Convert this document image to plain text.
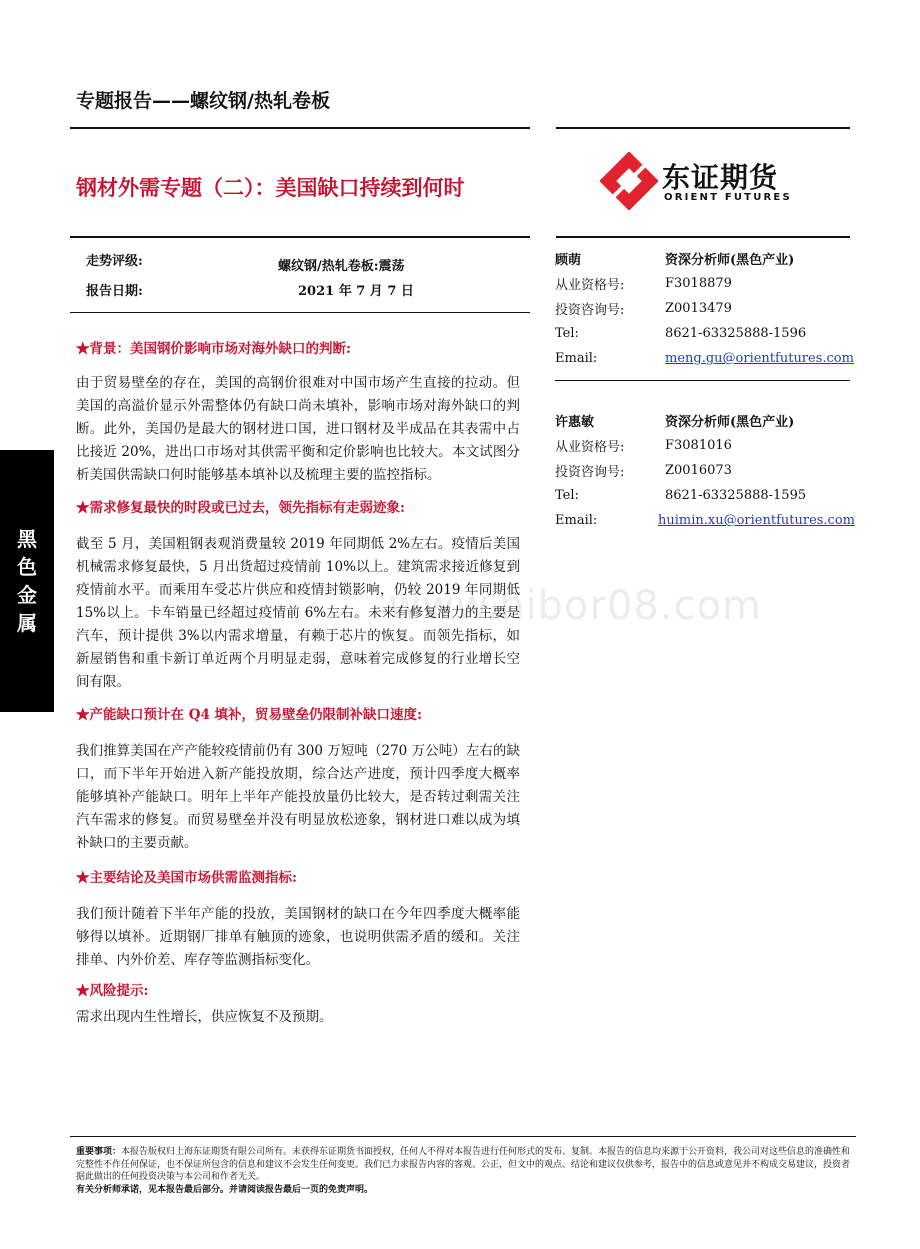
专题报告——螺纹钢/热轧卷板
钢材外需专题（二）：美国缺口持续到何时	东证期货
ORIENT FUTURES
走势评级:	螺纹钢/热轧卷板:震荡
报告日期:	2021 年 7 月 7 日
黑
色
金
属

★背景：美国钢价影响市场对海外缺口的判断:

由于贸易壁垒的存在，美国的高钢价很难对中国市场产生直接的拉动。但美国的高溢价显示外需整体仍有缺口尚未填补，影响市场对海外缺口的判断。此外，美国仍是最大的钢材进口国，进口钢材及半成品在其表需中占比接近 20%，进出口市场对其供需平衡和定价影响也比较大。本文试图分析美国供需缺口何时能够基本填补以及梳理主要的监控指标。

★需求修复最快的时段或已过去，领先指标有走弱迹象:

截至 5 月，美国粗钢表观消费量较 2019 年同期低 2%左右。疫情后美国机械需求修复最快，5 月出货超过疫情前 10%以上。建筑需求接近修复到疫情前水平。而乘用车受芯片供应和疫情封锁影响，仍较 2019 年同期低 15%以上。卡车销量已经超过疫情前 6%左右。未来有修复潜力的主要是汽车，预计提供 3%以内需求增量，有赖于芯片的恢复。而领先指标，如新屋销售和重卡新订单近两个月明显走弱，意味着完成修复的行业增长空间有限。

★产能缺口预计在 Q4 填补，贸易壁垒仍限制补缺口速度:

我们推算美国在产产能较疫情前仍有 300 万短吨（270 万公吨）左右的缺口，而下半年开始进入新产能投放期，综合达产进度，预计四季度大概率能够填补产能缺口。明年上半年产能投放量仍比较大，是否转过剩需关注汽车需求的修复。而贸易壁垒并没有明显放松迹象，钢材进口难以成为填补缺口的主要贡献。

★主要结论及美国市场供需监测指标:

我们预计随着下半年产能的投放，美国钢材的缺口在今年四季度大概率能够得以填补。近期钢厂排单有触顶的迹象，也说明供需矛盾的缓和。关注排单、内外价差、库存等监测指标变化。

★风险提示:

需求出现内生性增长，供应恢复不及预期。

顾萌	资深分析师(黑色产业)
从业资格号:	F3018879
投资咨询号:	Z0013479
Tel:	8621-63325888-1596
Email:	meng.gu@orientfutures.com
许惠敏	资深分析师(黑色产业)
从业资格号:	F3081016
投资咨询号:	Z0016073
Tel:	8621-63325888-1595
Email:	huimin.xu@orientfutures.com
www.hibor08.com
重要事项：本报告版权归上海东证期货有限公司所有。未获得东证期货书面授权，任何人不得对本报告进行任何形式的发布、复制。本报告的信息均来源于公开资料，我公司对这些信息的准确性和完整性不作任何保证，也不保证所包含的信息和建议不会发生任何变更。我们已力求报告内容的客观、公正，但文中的观点、结论和建议仅供参考，报告中的信息或意见并不构成交易建议，投资者据此做出的任何投资决策与本公司和作者无关。
有关分析师承诺，见本报告最后部分。并请阅读报告最后一页的免责声明。
